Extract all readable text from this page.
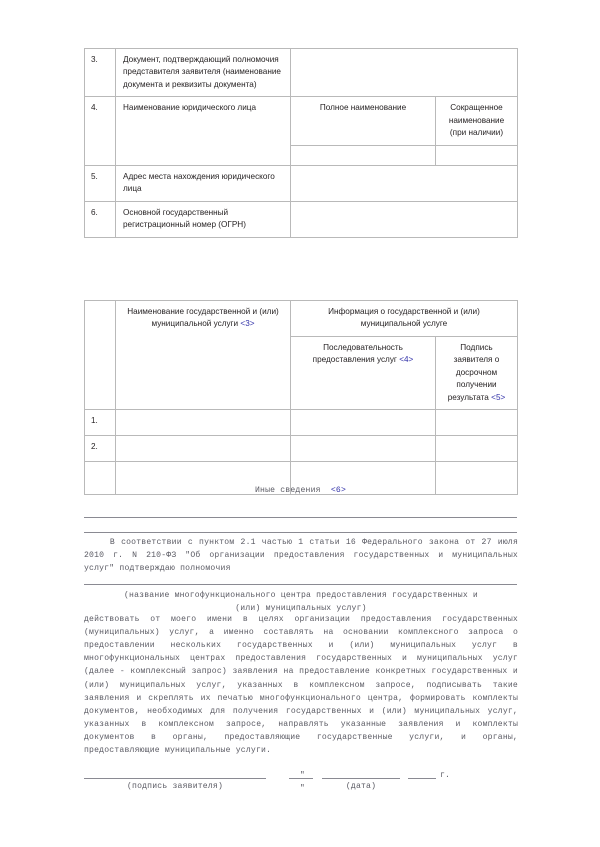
3.	Документ, подтверждающий полномочия представителя заявителя (наименование документа и реквизиты документа)		
4.	Наименование юридического лица	Полное наименование	Сокращенное наименование (при наличии)

5.	Адрес места нахождения юридического лица		
6.	Основной государственный регистрационный номер (ОГРН)		
	Наименование государственной и (или) муниципальной услуги <3>	Информация о государственной и (или) муниципальной услуге	
		Последовательность предоставления услуг <4>	Подпись заявителя о досрочном получении результата <5>
1.			
2.			

Иные сведения <6>
В соответствии с пунктом 2.1 частью 1 статьи 16 Федерального закона от 27 июля 2010 г. N 210-ФЗ "Об организации предоставления государственных и муниципальных услуг" подтверждаю полномочия
(название многофункционального центра предоставления государственных и
(или) муниципальных услуг)

действовать от моего имени в целях организации предоставления государственных (муниципальных) услуг, а именно составлять на основании комплексного запроса о предоставлении нескольких государственных и (или) муниципальных услуг в многофункциональных центрах предоставления государственных и муниципальных услуг (далее - комплексный запрос) заявления на предоставление конкретных государственных и (или) муниципальных услуг, указанных в комплексном запросе, подписывать такие заявления и скреплять их печатью многофункционального центра, формировать комплекты документов, необходимых для получения государственных и (или) муниципальных услуг, указанных в комплексном запросе, направлять указанные заявления и комплекты документов в органы, предоставляющие государственные услуги, и органы, предоставляющие муниципальные услуги.

(подпись заявителя)
" "	(дата)
г.
